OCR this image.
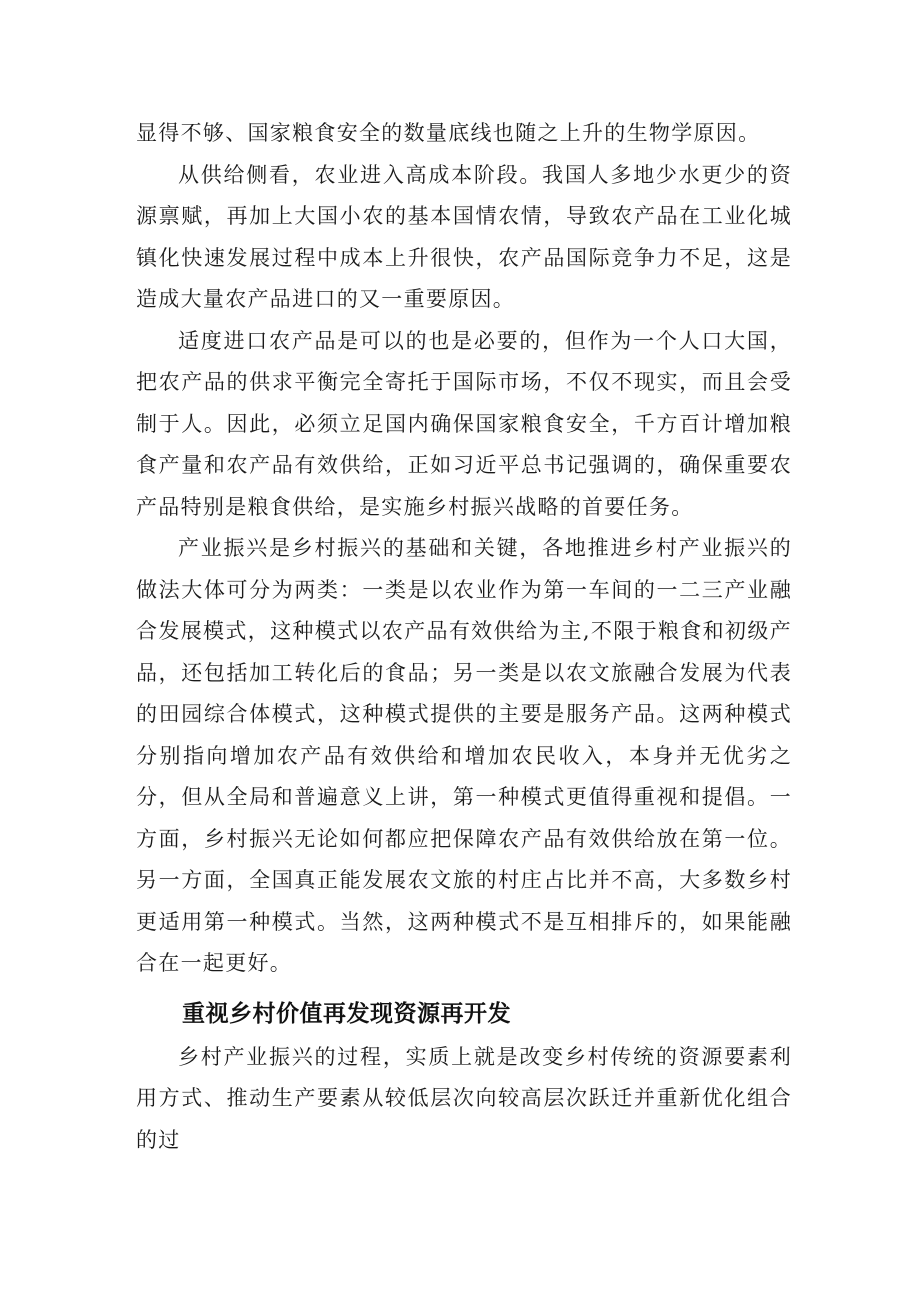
显得不够、国家粮食安全的数量底线也随之上升的生物学原因。

从供给侧看，农业进入高成本阶段。我国人多地少水更少的资源禀赋，再加上大国小农的基本国情农情，导致农产品在工业化城镇化快速发展过程中成本上升很快，农产品国际竞争力不足，这是造成大量农产品进口的又一重要原因。

适度进口农产品是可以的也是必要的，但作为一个人口大国，把农产品的供求平衡完全寄托于国际市场，不仅不现实，而且会受制于人。因此，必须立足国内确保国家粮食安全，千方百计增加粮食产量和农产品有效供给，正如习近平总书记强调的，确保重要农产品特别是粮食供给，是实施乡村振兴战略的首要任务。

产业振兴是乡村振兴的基础和关键，各地推进乡村产业振兴的做法大体可分为两类：一类是以农业作为第一车间的一二三产业融合发展模式，这种模式以农产品有效供给为主,不限于粮食和初级产品，还包括加工转化后的食品；另一类是以农文旅融合发展为代表的田园综合体模式，这种模式提供的主要是服务产品。这两种模式分别指向增加农产品有效供给和增加农民收入，本身并无优劣之分，但从全局和普遍意义上讲，第一种模式更值得重视和提倡。一方面，乡村振兴无论如何都应把保障农产品有效供给放在第一位。另一方面，全国真正能发展农文旅的村庄占比并不高，大多数乡村更适用第一种模式。当然，这两种模式不是互相排斥的，如果能融合在一起更好。

重视乡村价值再发现资源再开发

乡村产业振兴的过程，实质上就是改变乡村传统的资源要素利用方式、推动生产要素从较低层次向较高层次跃迁并重新优化组合的过
